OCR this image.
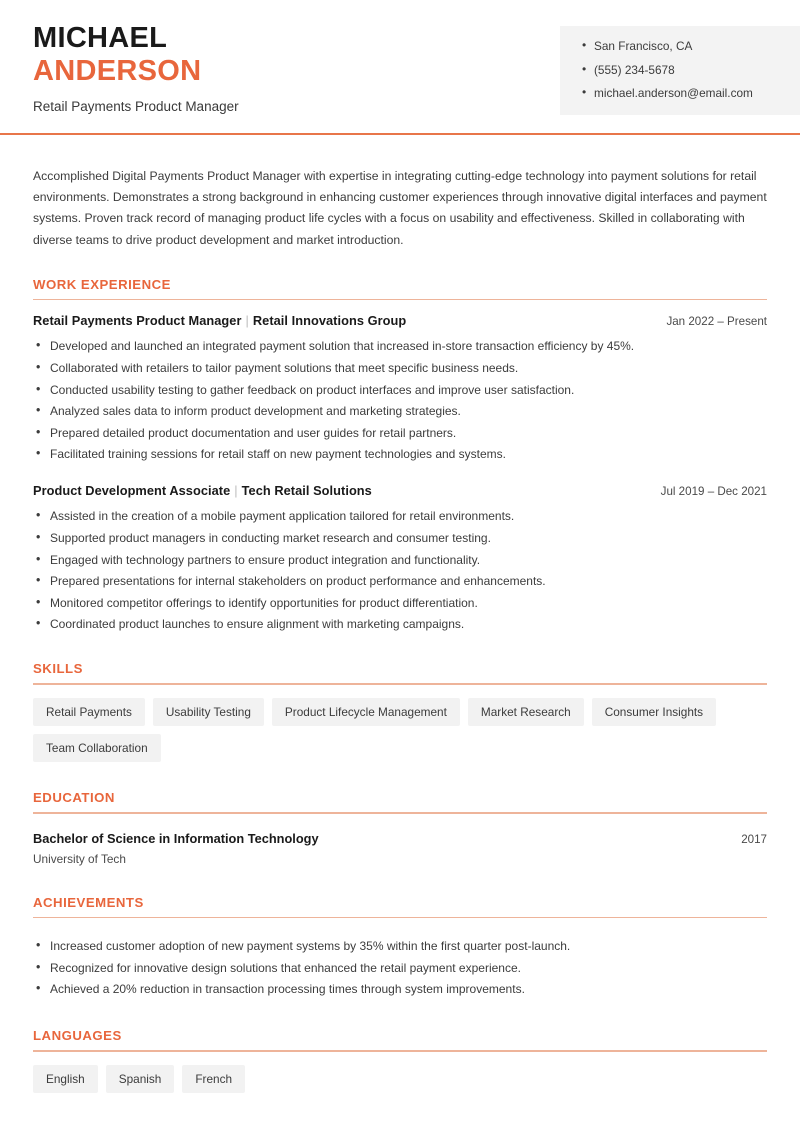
MICHAEL
ANDERSON
Retail Payments Product Manager
• San Francisco, CA
• (555) 234-5678
• michael.anderson@email.com

Accomplished Digital Payments Product Manager with expertise in integrating cutting-edge technology into payment solutions for retail environments. Demonstrates a strong background in enhancing customer experiences through innovative digital interfaces and payment systems. Proven track record of managing product life cycles with a focus on usability and effectiveness. Skilled in collaborating with diverse teams to drive product development and market introduction.

WORK EXPERIENCE
Retail Payments Product Manager | Retail Innovations Group	Jan 2022 – Present
• Developed and launched an integrated payment solution that increased in-store transaction efficiency by 45%.
• Collaborated with retailers to tailor payment solutions that meet specific business needs.
• Conducted usability testing to gather feedback on product interfaces and improve user satisfaction.
• Analyzed sales data to inform product development and marketing strategies.
• Prepared detailed product documentation and user guides for retail partners.
• Facilitated training sessions for retail staff on new payment technologies and systems.
Product Development Associate | Tech Retail Solutions	Jul 2019 – Dec 2021
• Assisted in the creation of a mobile payment application tailored for retail environments.
• Supported product managers in conducting market research and consumer testing.
• Engaged with technology partners to ensure product integration and functionality.
• Prepared presentations for internal stakeholders on product performance and enhancements.
• Monitored competitor offerings to identify opportunities for product differentiation.
• Coordinated product launches to ensure alignment with marketing campaigns.
SKILLS
Retail Payments	Usability Testing	Product Lifecycle Management	Market Research	Consumer Insights
Team Collaboration
EDUCATION
Bachelor of Science in Information Technology	2017
University of Tech
ACHIEVEMENTS
• Increased customer adoption of new payment systems by 35% within the first quarter post-launch.
• Recognized for innovative design solutions that enhanced the retail payment experience.
• Achieved a 20% reduction in transaction processing times through system improvements.
LANGUAGES
English	Spanish	French
